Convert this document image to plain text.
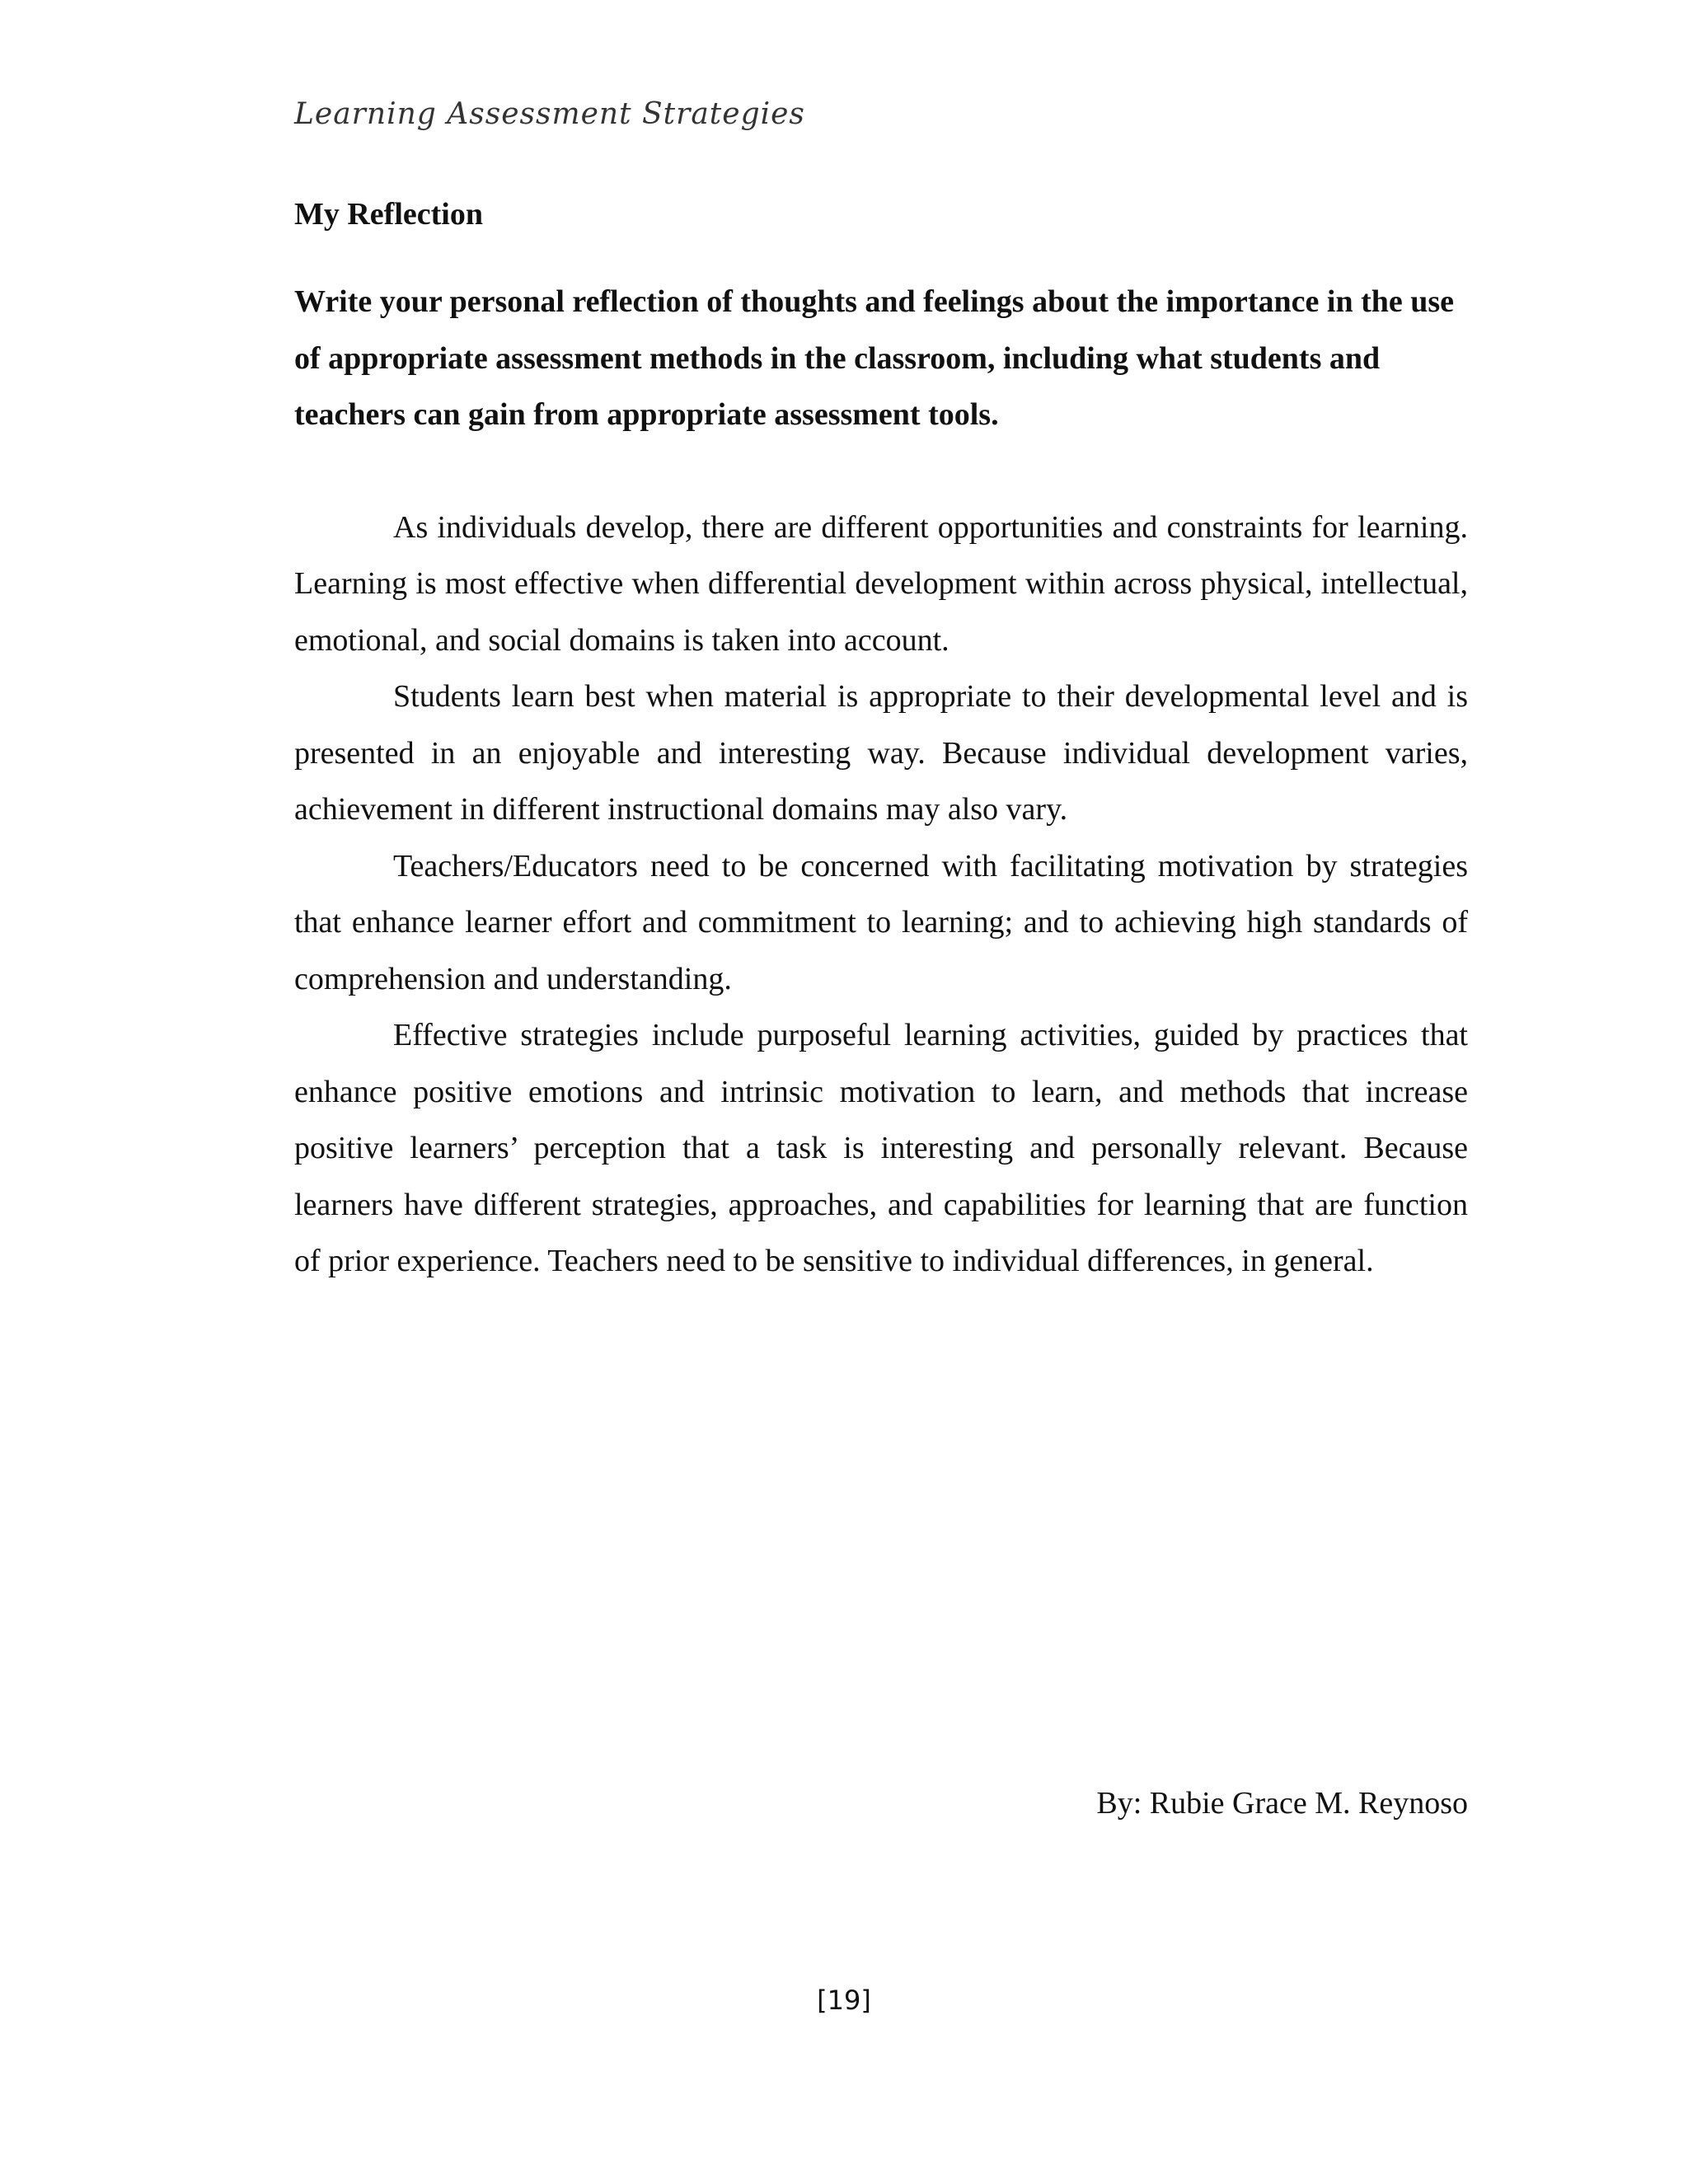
Learning Assessment Strategies
My Reflection

Write your personal reflection of thoughts and feelings about the importance in the use of appropriate assessment methods in the classroom, including what students and teachers can gain from appropriate assessment tools.

As individuals develop, there are different opportunities and constraints for learning. Learning is most effective when differential development within across physical, intellectual, emotional, and social domains is taken into account.

Students learn best when material is appropriate to their developmental level and is presented in an enjoyable and interesting way. Because individual development varies, achievement in different instructional domains may also vary.

Teachers/Educators need to be concerned with facilitating motivation by strategies that enhance learner effort and commitment to learning; and to achieving high standards of comprehension and understanding.

Effective strategies include purposeful learning activities, guided by practices that enhance positive emotions and intrinsic motivation to learn, and methods that increase positive learners’ perception that a task is interesting and personally relevant. Because learners have different strategies, approaches, and capabilities for learning that are function of prior experience. Teachers need to be sensitive to individual differences, in general.

By: Rubie Grace M. Reynoso
[19]
